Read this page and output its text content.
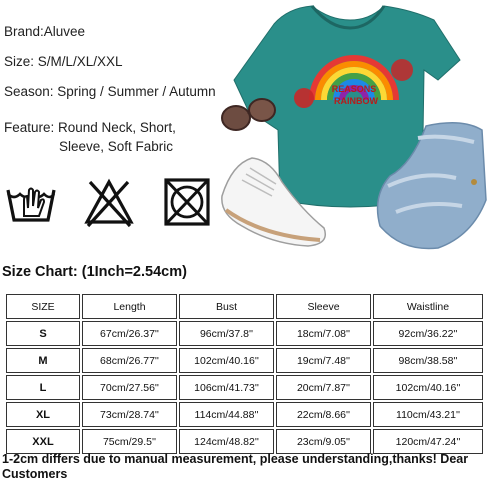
Brand:Aluvee
Size: S/M/L/XL/XXL
Season: Spring / Summer / Autumn
Feature: Round Neck, Short,
Sleeve, Soft Fabric
REASONS
RAINBOW
Size Chart: (1Inch=2.54cm)
SIZE	Length	Bust	Sleeve	Waistline
S	67cm/26.37''	96cm/37.8''	18cm/7.08''	92cm/36.22''
M	68cm/26.77''	102cm/40.16''	19cm/7.48''	98cm/38.58''
L	70cm/27.56''	106cm/41.73''	20cm/7.87''	102cm/40.16''
XL	73cm/28.74''	114cm/44.88''	22cm/8.66''	110cm/43.21''
XXL	75cm/29.5''	124cm/48.82''	23cm/9.05''	120cm/47.24''
1-2cm differs due to manual measurement, please understanding,thanks! Dear Customers
